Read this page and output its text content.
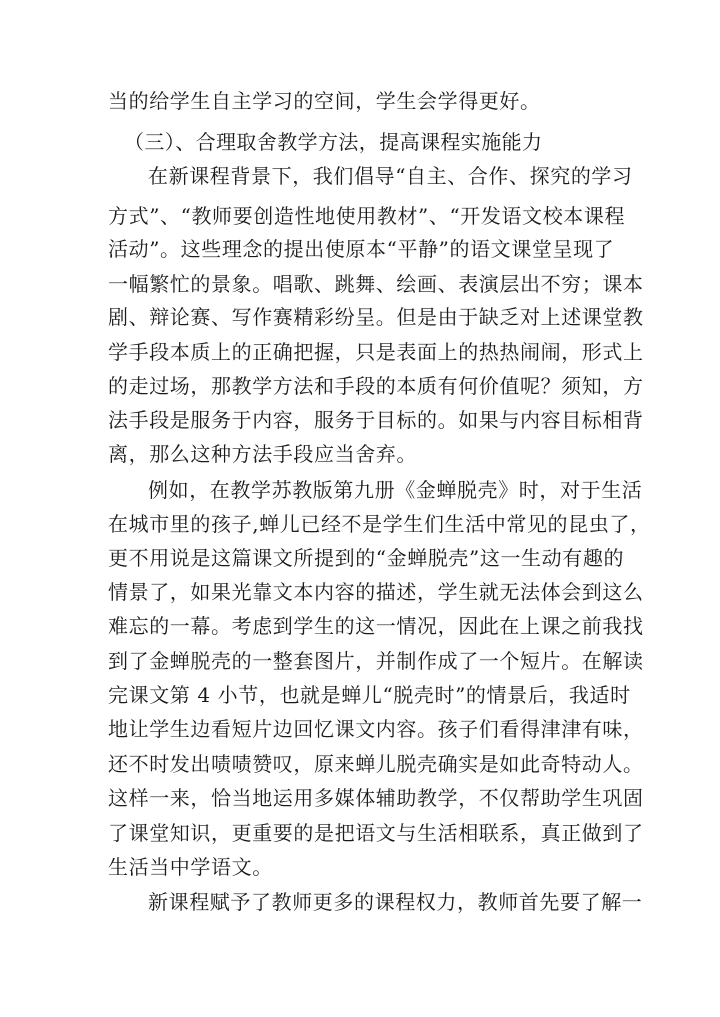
当的给学生自主学习的空间，学生会学得更好。
（三）、合理取舍教学方法，提高课程实施能力
在新课程背景下，我们倡导“自主、合作、探究的学习
方式”、“教师要创造性地使用教材”、“开发语文校本课程
活动”。这些理念的提出使原本“平静”的语文课堂呈现了
一幅繁忙的景象。唱歌、跳舞、绘画、表演层出不穷；课本
剧、辩论赛、写作赛精彩纷呈。但是由于缺乏对上述课堂教
学手段本质上的正确把握，只是表面上的热热闹闹，形式上
的走过场，那教学方法和手段的本质有何价值呢？须知，方
法手段是服务于内容，服务于目标的。如果与内容目标相背
离，那么这种方法手段应当舍弃。
例如，在教学苏教版第九册《金蝉脱壳》时，对于生活
在城市里的孩子,蝉儿已经不是学生们生活中常见的昆虫了，
更不用说是这篇课文所提到的“金蝉脱壳”这一生动有趣的
情景了，如果光靠文本内容的描述，学生就无法体会到这么
难忘的一幕。考虑到学生的这一情况，因此在上课之前我找
到了金蝉脱壳的一整套图片，并制作成了一个短片。在解读
完课文第 4 小节，也就是蝉儿“脱壳时”的情景后，我适时
地让学生边看短片边回忆课文内容。孩子们看得津津有味，
还不时发出啧啧赞叹，原来蝉儿脱壳确实是如此奇特动人。
这样一来，恰当地运用多媒体辅助教学，不仅帮助学生巩固
了课堂知识，更重要的是把语文与生活相联系，真正做到了
生活当中学语文。
新课程赋予了教师更多的课程权力，教师首先要了解一
